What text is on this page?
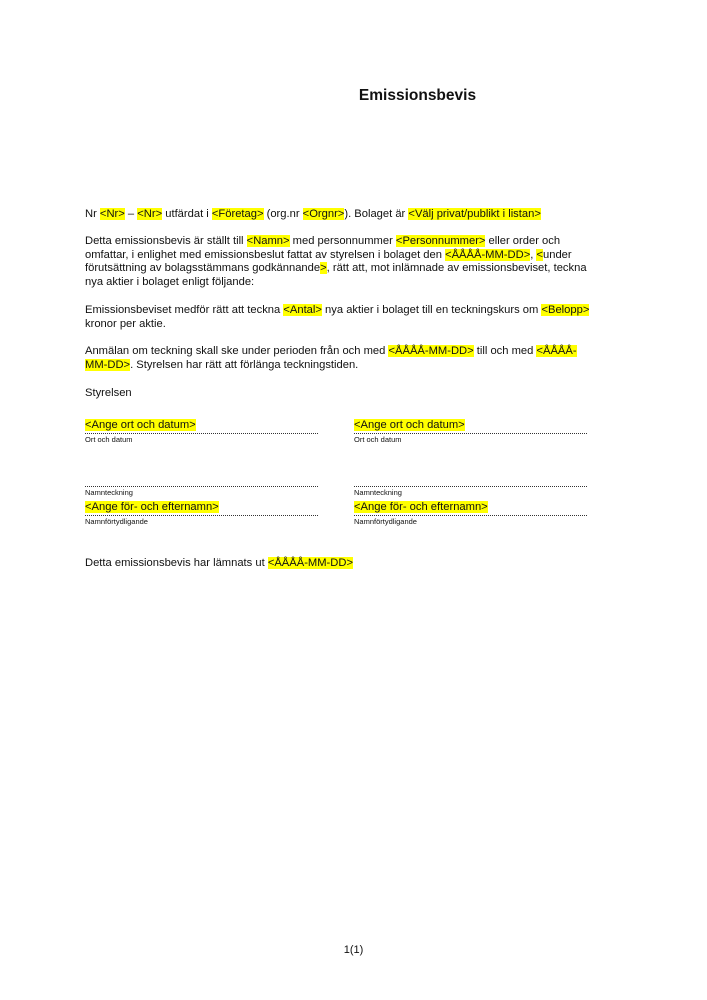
Emissionsbevis
Nr <Nr> – <Nr> utfärdat i <Företag> (org.nr <Orgnr>). Bolaget är <Välj privat/publikt i listan>
Detta emissionsbevis är ställt till <Namn> med personnummer <Personnummer> eller order och
omfattar, i enlighet med emissionsbeslut fattat av styrelsen i bolaget den <ÅÅÅÅ-MM-DD>, <under
förutsättning av bolagsstämmans godkännande>, rätt att, mot inlämnade av emissionsbeviset, teckna
nya aktier i bolaget enligt följande:
Emissionsbeviset medför rätt att teckna <Antal> nya aktier i bolaget till en teckningskurs om <Belopp>
kronor per aktie.
Anmälan om teckning skall ske under perioden från och med <ÅÅÅÅ-MM-DD> till och med <ÅÅÅÅ-
MM-DD>. Styrelsen har rätt att förlänga teckningstiden.
Styrelsen
<Ange ort och datum>
Ort och datum
Namnteckning
<Ange för- och efternamn>
Namnförtydligande
<Ange ort och datum>
Ort och datum
Namnteckning
<Ange för- och efternamn>
Namnförtydligande
Detta emissionsbevis har lämnats ut <ÅÅÅÅ-MM-DD>
1(1)
